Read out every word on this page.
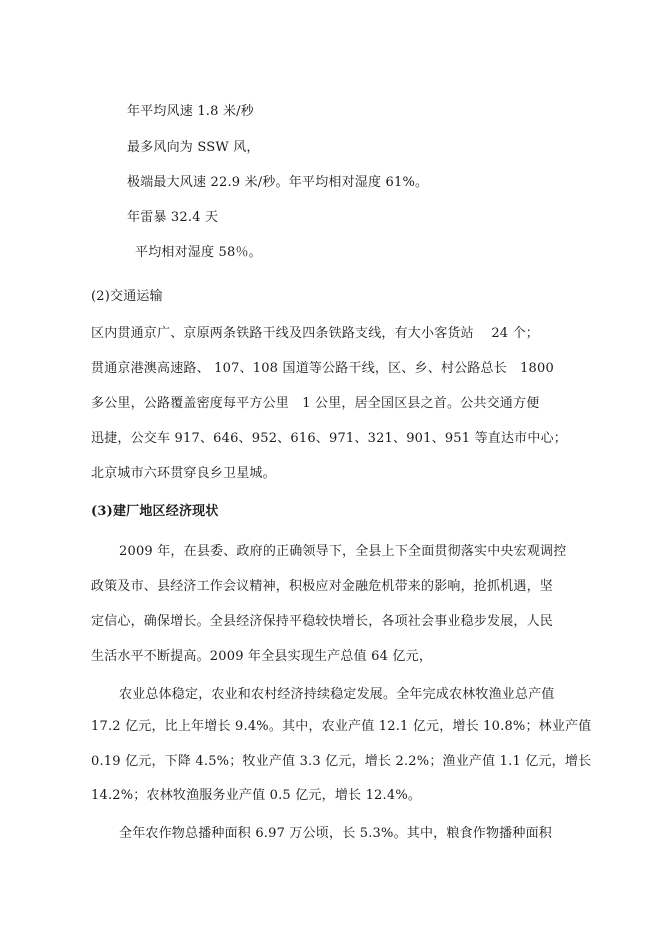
年平均风速 1.8 米/秒
最多风向为 SSW 风，
极端最大风速 22.9 米/秒。年平均相对湿度 61%。
年雷暴 32.4 天
平均相对湿度 58％。
(2)交通运输
区内贯通京广、京原两条铁路干线及四条铁路支线，有大小客货站　 24 个；
贯通京港澳高速路、 107、108 国道等公路干线，区、乡、村公路总长　1800
多公里，公路覆盖密度每平方公里　1 公里，居全国区县之首。公共交通方便
迅捷，公交车 917、646、952、616、971、321、901、951 等直达市中心；
北京城市六环贯穿良乡卫星城。
(3)建厂地区经济现状
2009 年，在县委、政府的正确领导下，全县上下全面贯彻落实中央宏观调控
政策及市、县经济工作会议精神，积极应对金融危机带来的影响，抢抓机遇，坚
定信心，确保增长。全县经济保持平稳较快增长，各项社会事业稳步发展，人民
生活水平不断提高。2009 年全县实现生产总值 64 亿元，
农业总体稳定，农业和农村经济持续稳定发展。全年完成农林牧渔业总产值
17.2 亿元，比上年增长 9.4%。其中，农业产值 12.1 亿元，增长 10.8%；林业产值
0.19 亿元，下降 4.5%；牧业产值 3.3 亿元，增长 2.2%；渔业产值 1.1 亿元，增长
14.2%；农林牧渔服务业产值 0.5 亿元，增长 12.4%。
全年农作物总播种面积 6.97 万公顷，长 5.3%。其中，粮食作物播种面积
